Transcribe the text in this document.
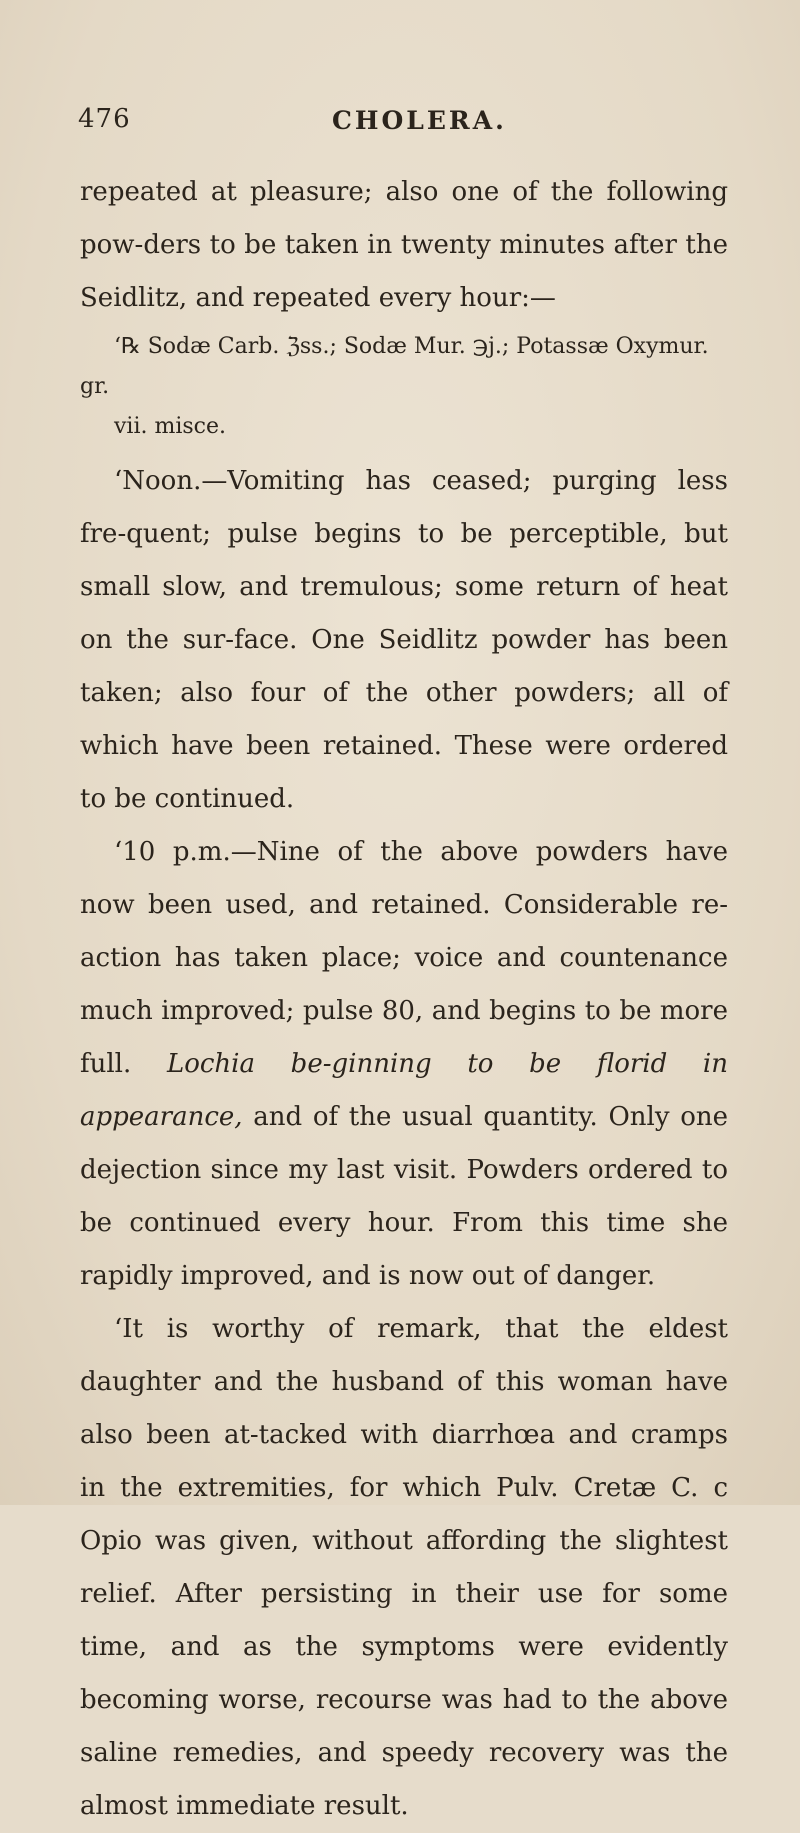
476	CHOLERA.

repeated at pleasure; also one of the following pow-ders to be taken in twenty minutes after the Seidlitz, and repeated every hour:—

‘℞ Sodæ Carb. ℨss.; Sodæ Mur. ℈j.; Potassæ Oxymur. gr.
vii. misce.

‘Noon.—Vomiting has ceased; purging less fre-quent; pulse begins to be perceptible, but small slow, and tremulous; some return of heat on the sur-face. One Seidlitz powder has been taken; also four of the other powders; all of which have been retained. These were ordered to be continued.

‘10 p.m.—Nine of the above powders have now been used, and retained. Considerable re-action has taken place; voice and countenance much improved; pulse 80, and begins to be more full. Lochia be-ginning to be florid in appearance, and of the usual quantity. Only one dejection since my last visit. Powders ordered to be continued every hour. From this time she rapidly improved, and is now out of danger.

‘It is worthy of remark, that the eldest daughter and the husband of this woman have also been at-tacked with diarrhœa and cramps in the extremities, for which Pulv. Cretæ C. c Opio was given, without affording the slightest relief. After persisting in their use for some time, and as the symptoms were evidently becoming worse, recourse was had to the above saline remedies, and speedy recovery was the almost immediate result.
